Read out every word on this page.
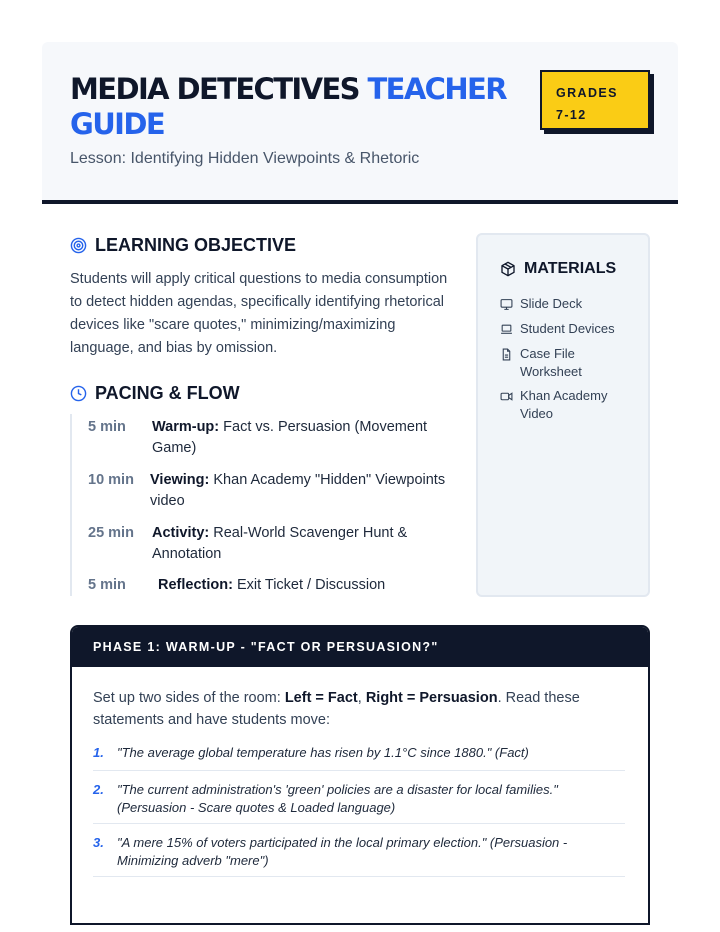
MEDIA DETECTIVES TEACHER GUIDE
Lesson: Identifying Hidden Viewpoints & Rhetoric
GRADES
7-12
LEARNING OBJECTIVE
Students will apply critical questions to media consumption to detect hidden agendas, specifically identifying rhetorical devices like "scare quotes," minimizing/maximizing language, and bias by omission.
PACING & FLOW
5 min Warm-up: Fact vs. Persuasion (Movement Game)
10 min Viewing: Khan Academy "Hidden" Viewpoints video
25 min Activity: Real-World Scavenger Hunt & Annotation
5 min Reflection: Exit Ticket / Discussion
MATERIALS
Slide Deck
Student Devices
Case File Worksheet
Khan Academy Video
PHASE 1: WARM-UP - "FACT OR PERSUASION?"
Set up two sides of the room: Left = Fact, Right = Persuasion. Read these statements and have students move:
1. "The average global temperature has risen by 1.1°C since 1880." (Fact)
2. "The current administration's 'green' policies are a disaster for local families." (Persuasion - Scare quotes & Loaded language)
3. "A mere 15% of voters participated in the local primary election." (Persuasion - Minimizing adverb "mere")
